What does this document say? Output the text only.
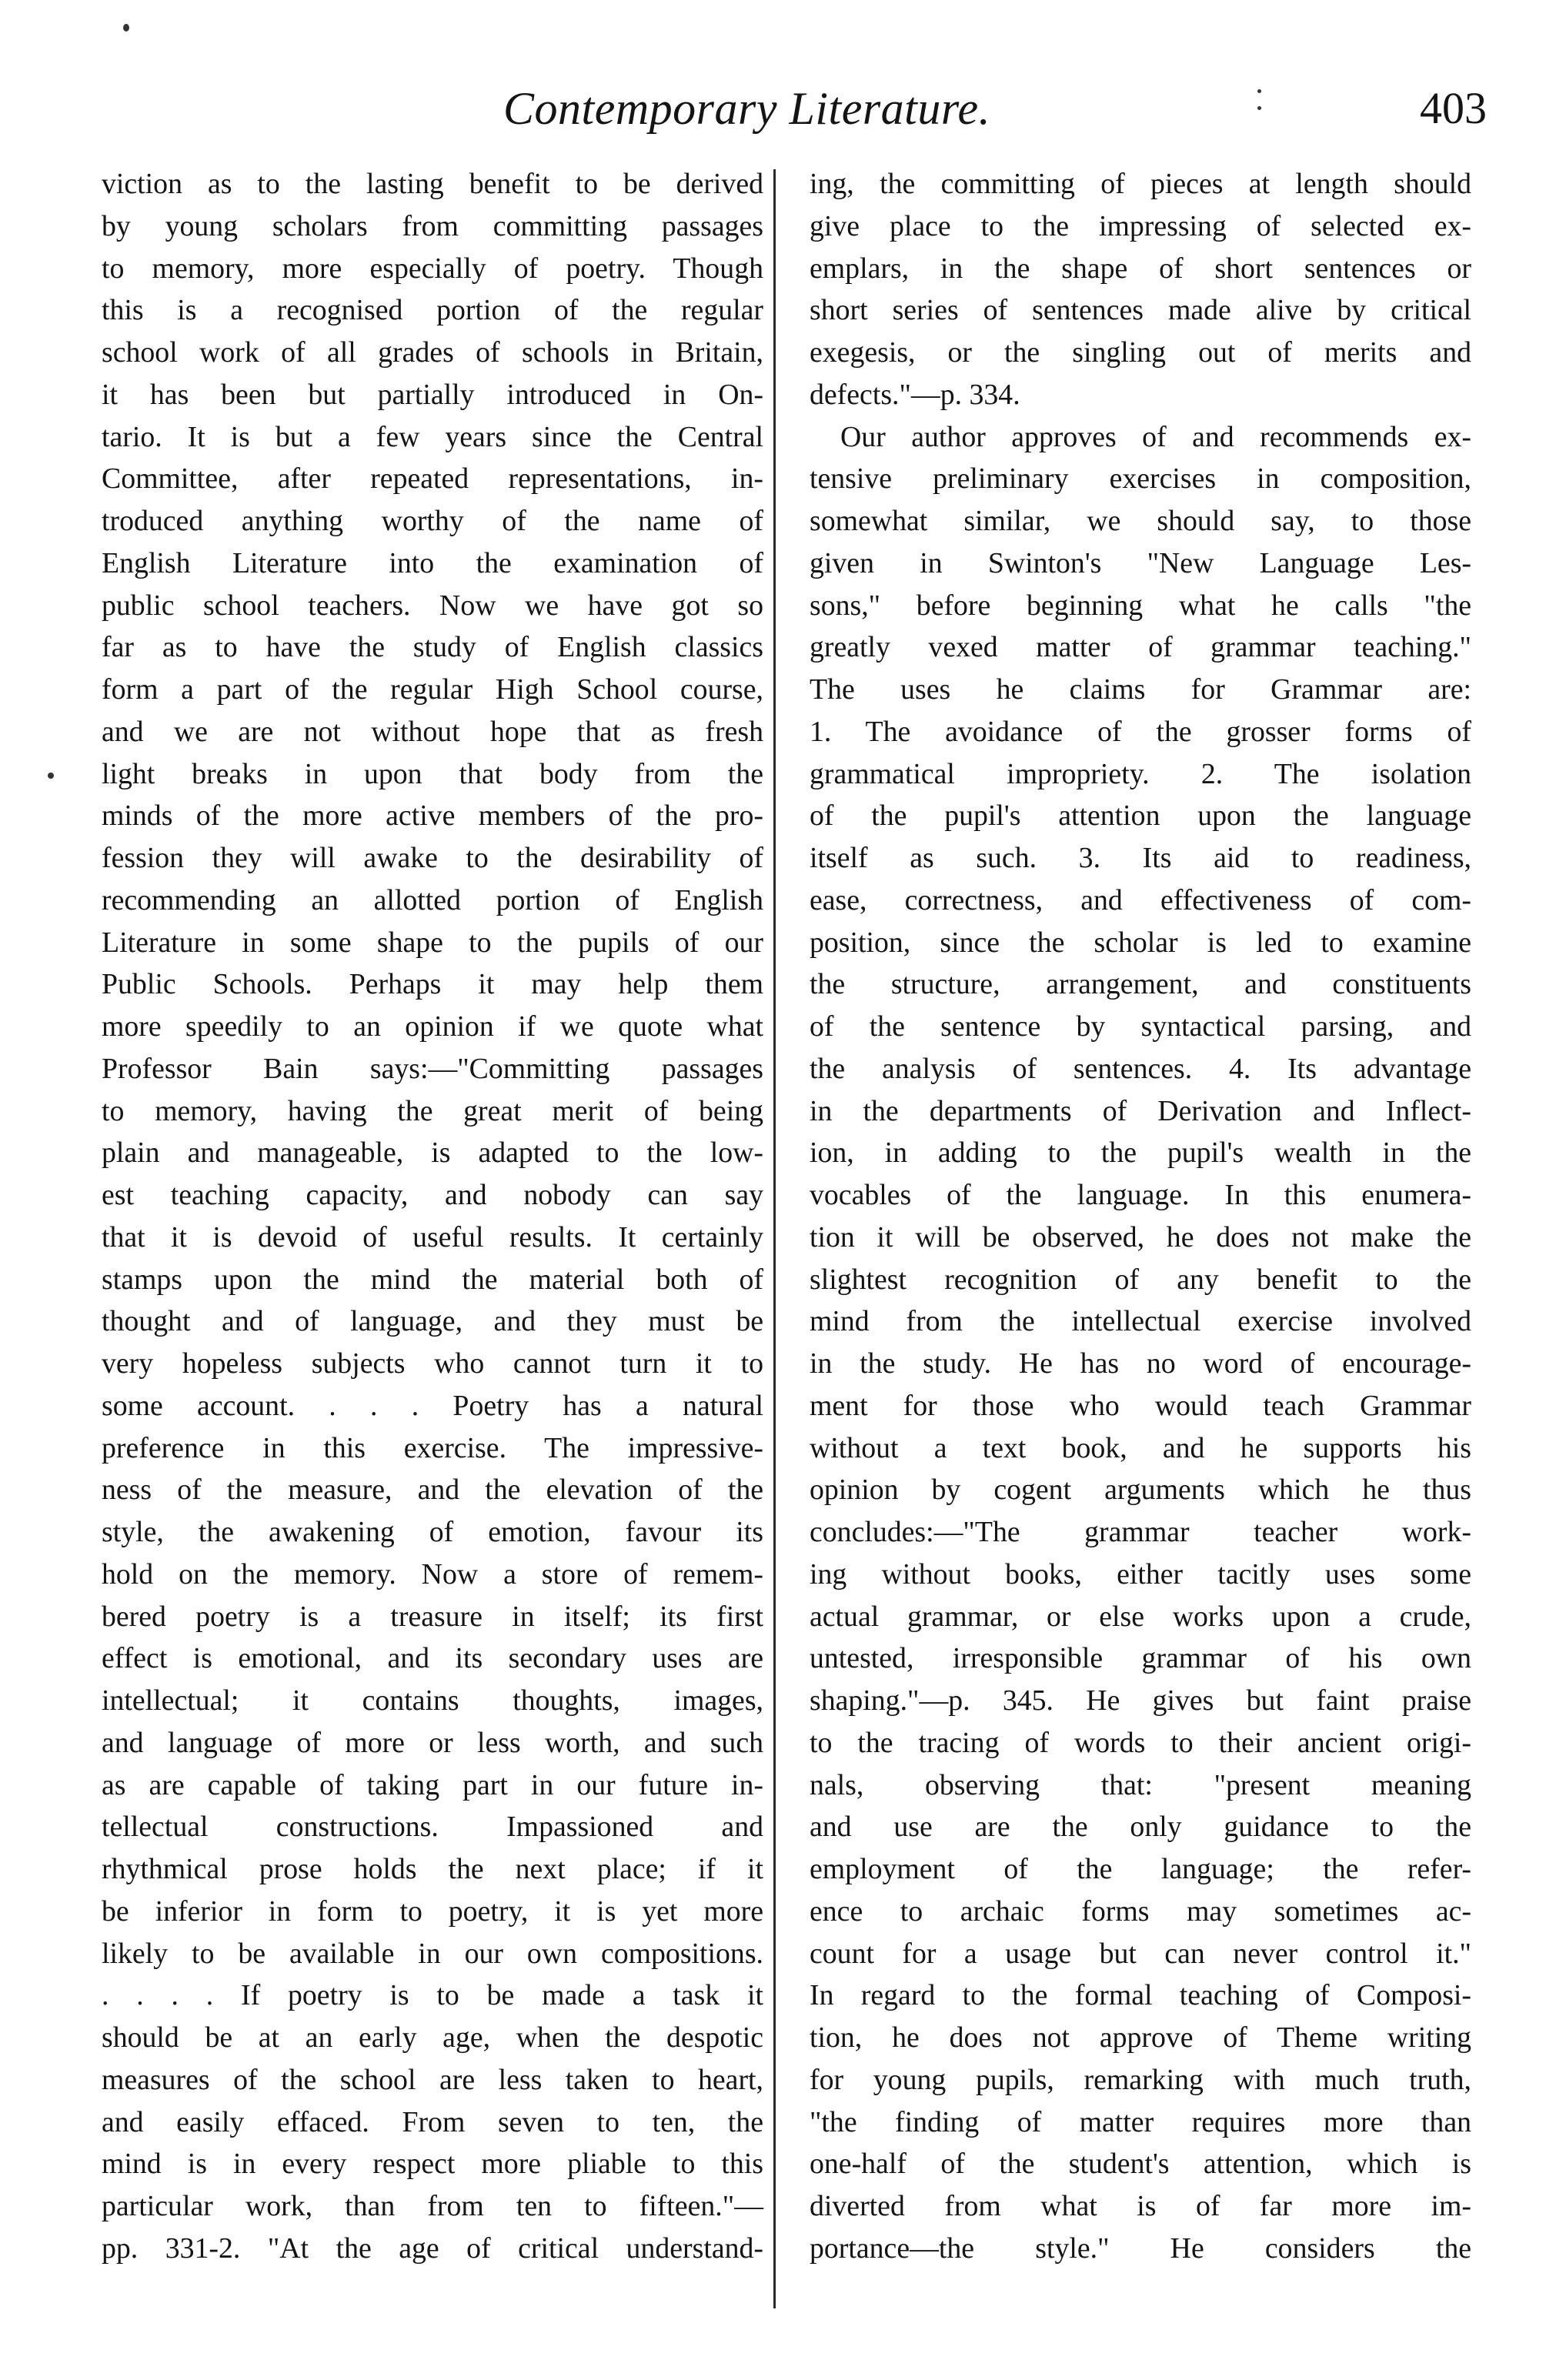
Contemporary Literature.	403
viction as to the lasting benefit to be derived
by young scholars from committing passages
to memory, more especially of poetry. Though
this is a recognised portion of the regular
school work of all grades of schools in Britain,
it has been but partially introduced in On-
tario. It is but a few years since the Central
Committee, after repeated representations, in-
troduced anything worthy of the name of
English Literature into the examination of
public school teachers. Now we have got so
far as to have the study of English classics
form a part of the regular High School course,
and we are not without hope that as fresh
light breaks in upon that body from the
minds of the more active members of the pro-
fession they will awake to the desirability of
recommending an allotted portion of English
Literature in some shape to the pupils of our
Public Schools. Perhaps it may help them
more speedily to an opinion if we quote what
Professor Bain says:—"Committing passages
to memory, having the great merit of being
plain and manageable, is adapted to the low-
est teaching capacity, and nobody can say
that it is devoid of useful results. It certainly
stamps upon the mind the material both of
thought and of language, and they must be
very hopeless subjects who cannot turn it to
some account. . . . Poetry has a natural
preference in this exercise. The impressive-
ness of the measure, and the elevation of the
style, the awakening of emotion, favour its
hold on the memory. Now a store of remem-
bered poetry is a treasure in itself; its first
effect is emotional, and its secondary uses are
intellectual; it contains thoughts, images,
and language of more or less worth, and such
as are capable of taking part in our future in-
tellectual constructions. Impassioned and
rhythmical prose holds the next place; if it
be inferior in form to poetry, it is yet more
likely to be available in our own compositions.
. . . . If poetry is to be made a task it
should be at an early age, when the despotic
measures of the school are less taken to heart,
and easily effaced. From seven to ten, the
mind is in every respect more pliable to this
particular work, than from ten to fifteen."—
pp. 331-2. "At the age of critical understand-
ing, the committing of pieces at length should
give place to the impressing of selected ex-
emplars, in the shape of short sentences or
short series of sentences made alive by critical
exegesis, or the singling out of merits and
defects."—p. 334.
Our author approves of and recommends ex-
tensive preliminary exercises in composition,
somewhat similar, we should say, to those
given in Swinton's "New Language Les-
sons," before beginning what he calls "the
greatly vexed matter of grammar teaching."
The uses he claims for Grammar are:
1. The avoidance of the grosser forms of
grammatical impropriety. 2. The isolation
of the pupil's attention upon the language
itself as such. 3. Its aid to readiness,
ease, correctness, and effectiveness of com-
position, since the scholar is led to examine
the structure, arrangement, and constituents
of the sentence by syntactical parsing, and
the analysis of sentences. 4. Its advantage
in the departments of Derivation and Inflect-
ion, in adding to the pupil's wealth in the
vocables of the language. In this enumera-
tion it will be observed, he does not make the
slightest recognition of any benefit to the
mind from the intellectual exercise involved
in the study. He has no word of encourage-
ment for those who would teach Grammar
without a text book, and he supports his
opinion by cogent arguments which he thus
concludes:—"The grammar teacher work-
ing without books, either tacitly uses some
actual grammar, or else works upon a crude,
untested, irresponsible grammar of his own
shaping."—p. 345. He gives but faint praise
to the tracing of words to their ancient origi-
nals, observing that: "present meaning
and use are the only guidance to the
employment of the language; the refer-
ence to archaic forms may sometimes ac-
count for a usage but can never control it."
In regard to the formal teaching of Composi-
tion, he does not approve of Theme writing
for young pupils, remarking with much truth,
"the finding of matter requires more than
one-half of the student's attention, which is
diverted from what is of far more im-
portance—the style." He considers the
